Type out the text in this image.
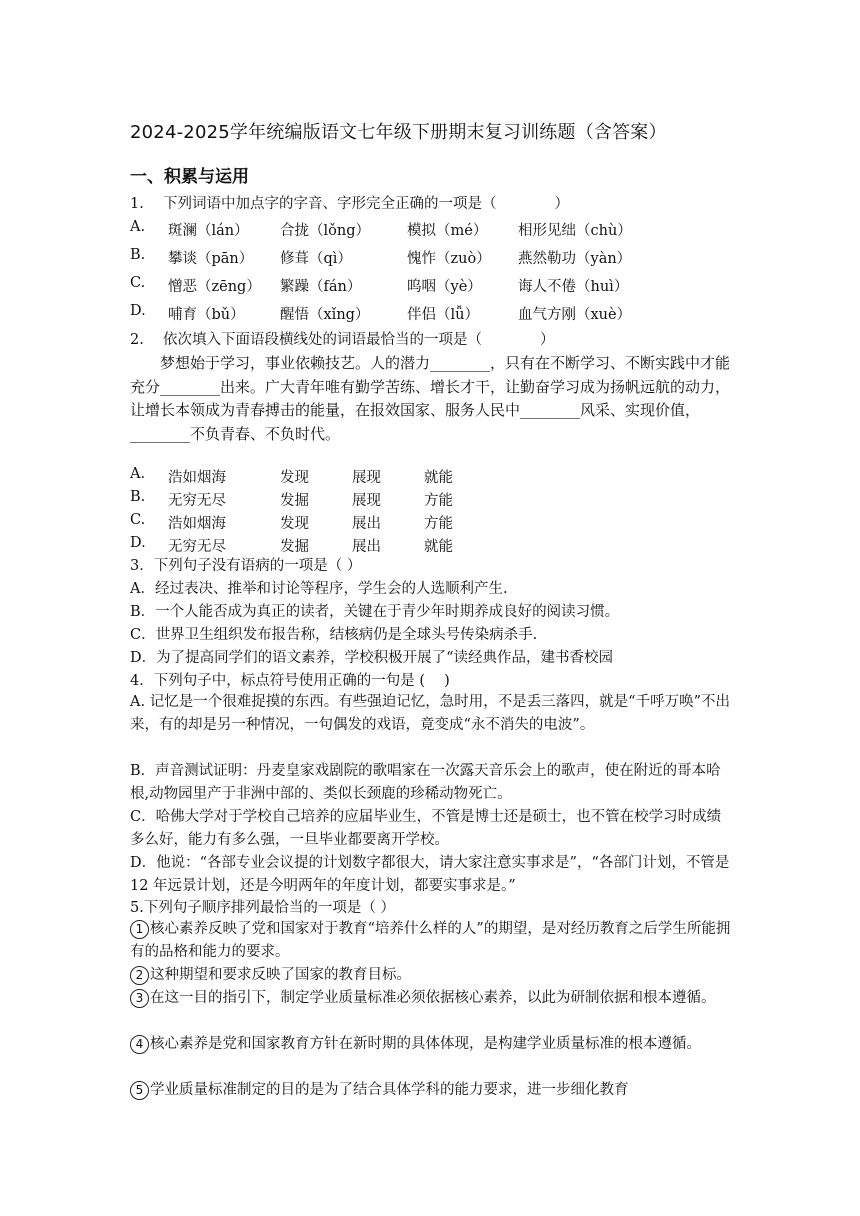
2024-2025学年统编版语文七年级下册期末复习训练题（含答案）
一、积累与运用
1.　 下列词语中加点字的字音、字形完全正确的一项是（　　　　）
A. 斑澜（lán） 合拢（lǒng）	模拟（mé） 相形见绌（chù）
B. 攀谈（pān） 修葺（qì）	愧怍（zuò） 燕然勒功（yàn）
C. 憎恶（zēng） 繁躁（fán）	呜咽（yè） 诲人不倦（huì）
D. 哺育（bǔ） 醒悟（xǐng）	伴侣（lǚ）	血气方刚（xuè）
2.　 依次填入下面语段横线处的词语最恰当的一项是（　　　　）
梦想始于学习，事业依赖技艺。人的潜力________，只有在不断学习、不断实践中才能充分________出来。广大青年唯有勤学苦练、增长才干，让勤奋学习成为扬帆远航的动力，让增长本领成为青春搏击的能量，在报效国家、服务人民中________风采、实现价值，________不负青春、不负时代。
A. 浩如烟海	发现	展现	就能
B. 无穷无尽	发掘	展现	方能
C. 浩如烟海	发现	展出	方能
D. 无穷无尽	发掘	展出	就能
3．下列句子没有语病的一项是（ ）
A．经过表决、推举和讨论等程序，学生会的人选顺利产生.
B．一个人能否成为真正的读者，关键在于青少年时期养成良好的阅读习惯。
C．世界卫生组织发布报告称，结核病仍是全球头号传染病杀手.
D．为了提高同学们的语文素养，学校积极开展了“读经典作品，建书香校园
4．下列句子中，标点符号使用正确的一句是 (　 )
A. 记忆是一个很难捉摸的东西。有些强迫记忆，急时用，不是丢三落四，就是“千呼万唤”不出来，有的却是另一种情况，一句偶发的戏语，竟变成“永不消失的电波”。
B．声音测试证明：丹麦皇家戏剧院的歌唱家在一次露天音乐会上的歌声，使在附近的哥本哈根,动物园里产于非洲中部的、类似长颈鹿的珍稀动物死亡。
C．哈佛大学对于学校自己培养的应届毕业生，不管是博士还是硕士，也不管在校学习时成绩多么好，能力有多么强，一旦毕业都要离开学校。
D．他说：“各部专业会议提的计划数字都很大，请大家注意实事求是”，“各部门计划，不管是 12 年远景计划，还是今明两年的年度计划，都要实事求是。”
5.下列句子顺序排列最恰当的一项是（ ）
1 核心素养反映了党和国家对于教育“培养什么样的人”的期望，是对经历教育之后学生所能拥有的品格和能力的要求。
2 这种期望和要求反映了国家的教育目标。
3 在这一目的指引下，制定学业质量标准必须依据核心素养，以此为研制依据和根本遵循。
4 核心素养是党和国家教育方针在新时期的具体体现，是构建学业质量标准的根本遵循。
5 学业质量标准制定的目的是为了结合具体学科的能力要求，进一步细化教育
